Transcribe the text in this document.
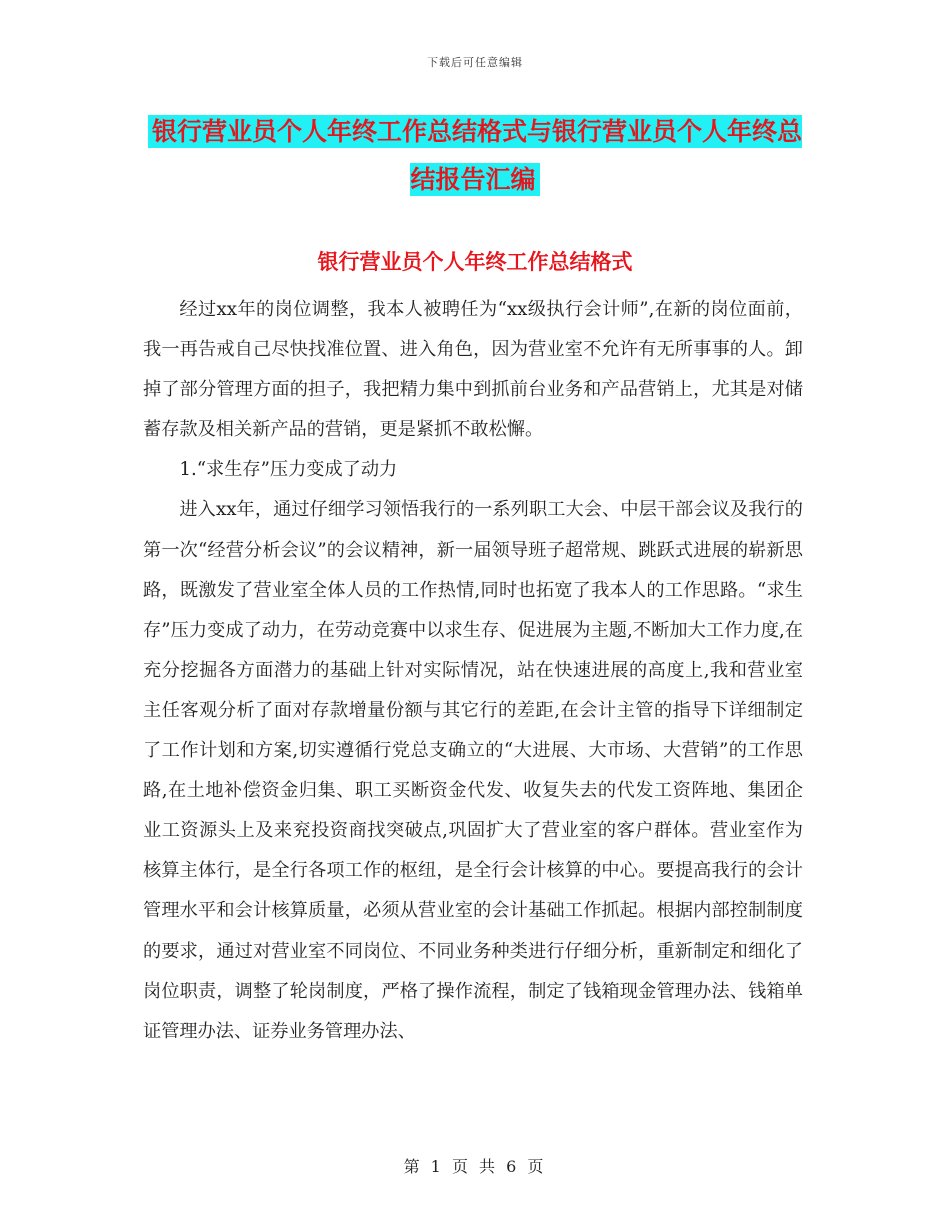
下载后可任意编辑
银行营业员个人年终工作总结格式与银行营业员个人年终总结报告汇编
银行营业员个人年终工作总结格式

经过xx年的岗位调整，我本人被聘任为“xx级执行会计师”,在新的岗位面前，我一再告戒自己尽快找准位置、进入角色，因为营业室不允许有无所事事的人。卸掉了部分管理方面的担子，我把精力集中到抓前台业务和产品营销上，尤其是对储蓄存款及相关新产品的营销，更是紧抓不敢松懈。

1.“求生存”压力变成了动力

进入xx年，通过仔细学习领悟我行的一系列职工大会、中层干部会议及我行的第一次“经营分析会议”的会议精神，新一届领导班子超常规、跳跃式进展的崭新思路，既激发了营业室全体人员的工作热情,同时也拓宽了我本人的工作思路。“求生存”压力变成了动力，在劳动竞赛中以求生存、促进展为主题,不断加大工作力度,在充分挖掘各方面潜力的基础上针对实际情况，站在快速进展的高度上,我和营业室主任客观分析了面对存款增量份额与其它行的差距,在会计主管的指导下详细制定了工作计划和方案,切实遵循行党总支确立的“大进展、大市场、大营销”的工作思路,在土地补偿资金归集、职工买断资金代发、收复失去的代发工资阵地、集团企业工资源头上及来兖投资商找突破点,巩固扩大了营业室的客户群体。营业室作为核算主体行，是全行各项工作的枢纽，是全行会计核算的中心。要提高我行的会计管理水平和会计核算质量，必须从营业室的会计基础工作抓起。根据内部控制制度的要求，通过对营业室不同岗位、不同业务种类进行仔细分析，重新制定和细化了岗位职责，调整了轮岗制度，严格了操作流程，制定了钱箱现金管理办法、钱箱单证管理办法、证券业务管理办法、

第 1 页 共 6 页
